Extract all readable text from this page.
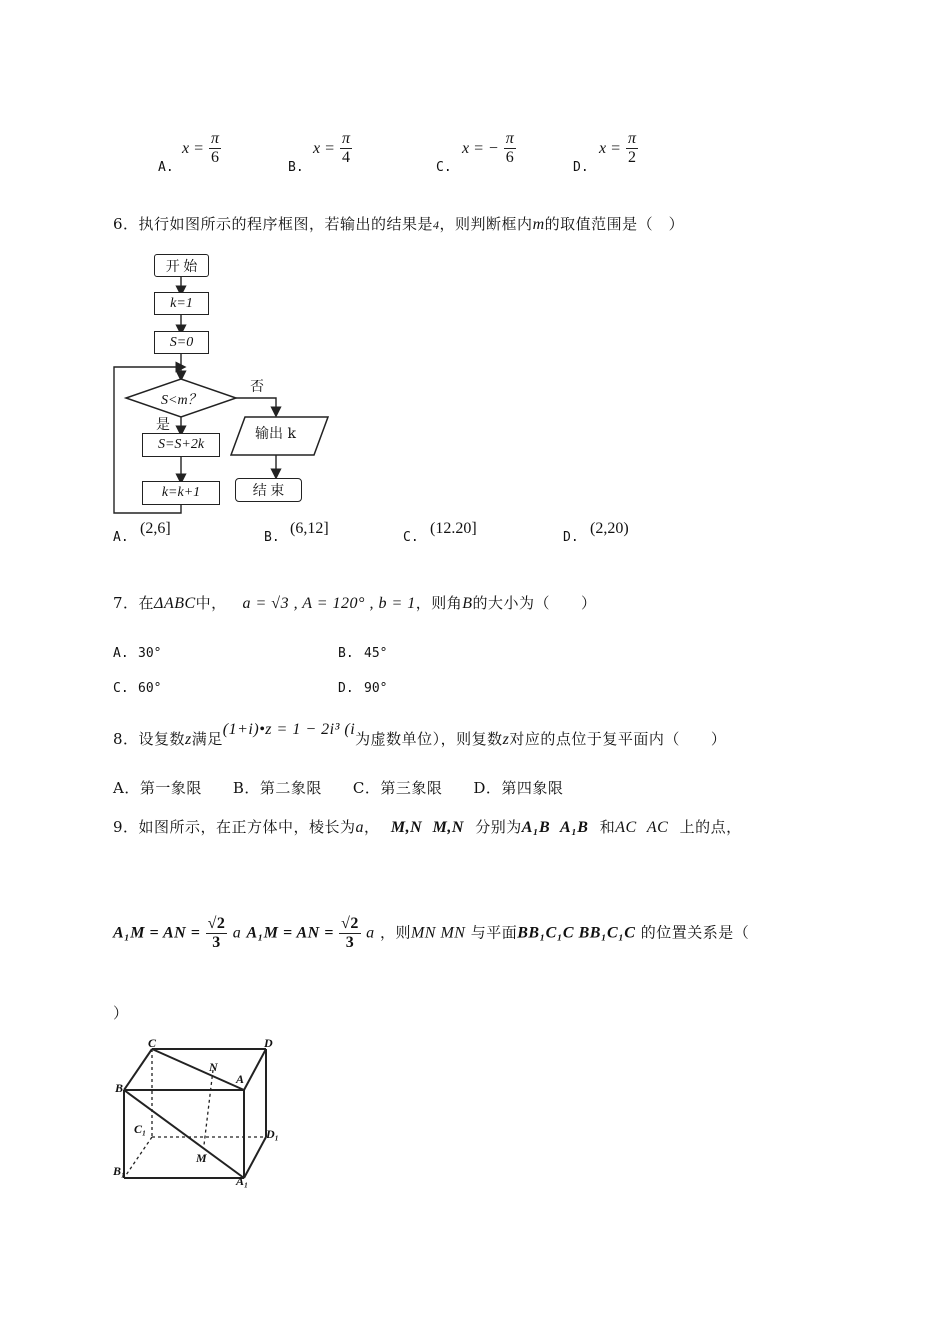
A.
$x = \frac{\pi}{6}$
B.
$x = \frac{\pi}{4}$
C.
x = − $\frac{\pi}{6}$
D.
$x = \frac{\pi}{2}$
6．执行如图所示的程序框图，若输出的结果是4，则判断框内m的取值范围是（　）
开 始
k=1
S=0
S<m？
否
是
S=S+2k
k=k+1
输出 k
结 束
A.
(2,6]
B.
(6,12]
C.
(12.20]
D.
(2,20)
7．在ΔABC中， a = √3 , A = 120° , b = 1，则角B的大小为（　　）
A. 30°	B. 45°
C. 60°	D. 90°
8．设复数z满足(1+i)•z = 1 − 2i³ (i为虚数单位），则复数z对应的点位于复平面内（　　）
A．第一象限　　B．第二象限　　C．第三象限　　D．第四象限
9．如图所示，在正方体中，棱长为a， M,N M,N 分别为A₁B A₁B 和AC AC 上的点，
A₁M = AN = $\frac{√2}{3}$ a A₁M = AN = $\frac{√2}{3}$ a ，则MN MN 与平面BB₁C₁C BB₁C₁C 的位置关系是（
）
C	D
N
A
B
C₁	D₁
M
B₁
A₁
